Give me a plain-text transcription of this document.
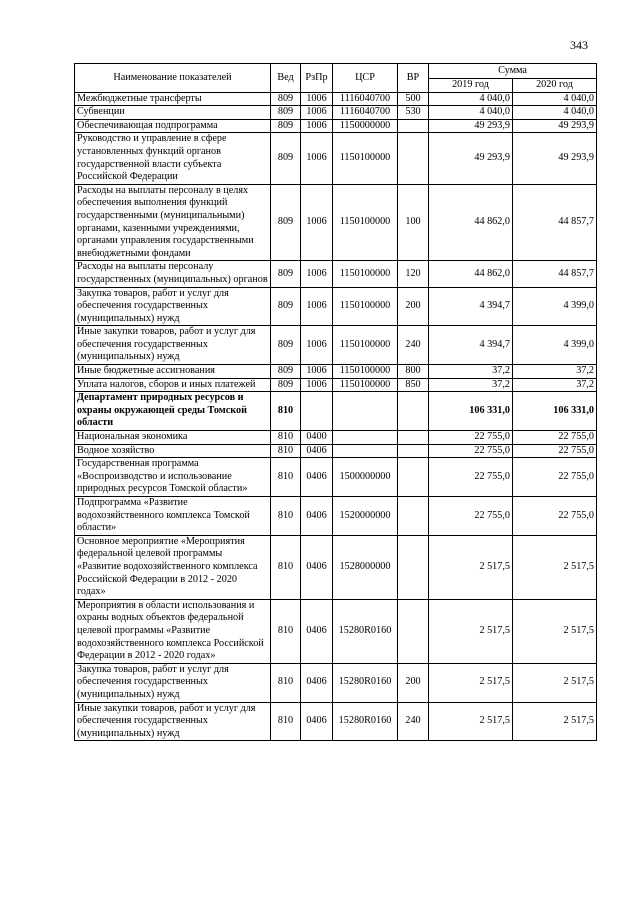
343
Наименование показателей	Вед	РзПр	ЦСР	ВР	Сумма	
					2019 год	2020 год
Межбюджетные трансферты	809	1006	1116040700	500	4 040,0	4 040,0
Субвенции	809	1006	1116040700	530	4 040,0	4 040,0
Обеспечивающая подпрограмма	809	1006	1150000000		49 293,9	49 293,9
Руководство и управление в сфере установленных функций органов государственной власти субъекта Российской Федерации	809	1006	1150100000		49 293,9	49 293,9
Расходы на выплаты персоналу в целях обеспечения выполнения функций государственными (муниципальными) органами, казенными учреждениями, органами управления государственными внебюджетными фондами	809	1006	1150100000	100	44 862,0	44 857,7
Расходы на выплаты персоналу государственных (муниципальных) органов	809	1006	1150100000	120	44 862,0	44 857,7
Закупка товаров, работ и услуг для обеспечения государственных (муниципальных) нужд	809	1006	1150100000	200	4 394,7	4 399,0
Иные закупки товаров, работ и услуг для обеспечения государственных (муниципальных) нужд	809	1006	1150100000	240	4 394,7	4 399,0
Иные бюджетные ассигнования	809	1006	1150100000	800	37,2	37,2
Уплата налогов, сборов и иных платежей	809	1006	1150100000	850	37,2	37,2
Департамент природных ресурсов и охраны окружающей среды Томской области	810				106 331,0	106 331,0
Национальная экономика	810	0400			22 755,0	22 755,0
Водное хозяйство	810	0406			22 755,0	22 755,0
Государственная программа «Воспроизводство и использование природных ресурсов Томской области»	810	0406	1500000000		22 755,0	22 755,0
Подпрограмма «Развитие водохозяйственного комплекса Томской области»	810	0406	1520000000		22 755,0	22 755,0
Основное мероприятие «Мероприятия федеральной целевой программы «Развитие водохозяйственного комплекса Российской Федерации в 2012 - 2020 годах»	810	0406	1528000000		2 517,5	2 517,5
Мероприятия в области использования и охраны водных объектов федеральной целевой программы «Развитие водохозяйственного комплекса Российской Федерации в 2012 - 2020 годах»	810	0406	15280R0160		2 517,5	2 517,5
Закупка товаров, работ и услуг для обеспечения государственных (муниципальных) нужд	810	0406	15280R0160	200	2 517,5	2 517,5
Иные закупки товаров, работ и услуг для обеспечения государственных (муниципальных) нужд	810	0406	15280R0160	240	2 517,5	2 517,5
